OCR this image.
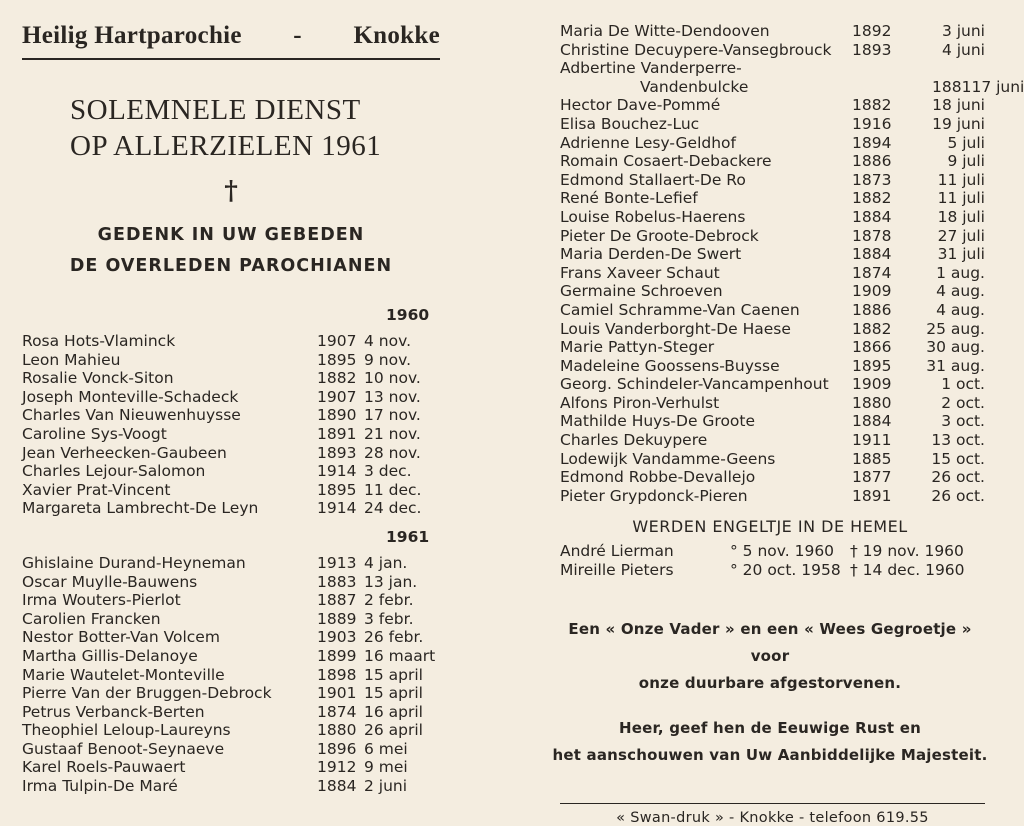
Heilig Hartparochie - Knokke
SOLEMNELE DIENST
OP ALLERZIELEN 1961
†
GEDENK IN UW GEBEDEN
DE OVERLEDEN PAROCHIANEN
1960
Rosa Hots-Vlaminck	1907 4 nov.
Leon Mahieu	1895 9 nov.
Rosalie Vonck-Siton	1882 10 nov.
Joseph Monteville-Schadeck	1907 13 nov.
Charles Van Nieuwenhuysse	1890 17 nov.
Caroline Sys-Voogt	1891 21 nov.
Jean Verheecken-Gaubeen	1893 28 nov.
Charles Lejour-Salomon	1914 3 dec.
Xavier Prat-Vincent	1895 11 dec.
Margareta Lambrecht-De Leyn	1914 24 dec.
1961
Ghislaine Durand-Heyneman	1913 4 jan.
Oscar Muylle-Bauwens	1883 13 jan.
Irma Wouters-Pierlot	1887 2 febr.
Carolien Francken	1889 3 febr.
Nestor Botter-Van Volcem	1903 26 febr.
Martha Gillis-Delanoye	1899 16 maart
Marie Wautelet-Monteville	1898 15 april
Pierre Van der Bruggen-Debrock	1901 15 april
Petrus Verbanck-Berten	1874 16 april
Theophiel Leloup-Laureyns	1880 26 april
Gustaaf Benoot-Seynaeve	1896 6 mei
Karel Roels-Pauwaert	1912 9 mei
Irma Tulpin-De Maré	1884 2 juni
Maria De Witte-Dendooven	1892	3 juni
Christine Decuypere-Vansegbrouck	1893	4 juni
Adbertine Vanderperre-
Vandenbulcke	1881 17 juni
Hector Dave-Pommé	1882	18 juni
Elisa Bouchez-Luc	1916	19 juni
Adrienne Lesy-Geldhof	1894	5 juli
Romain Cosaert-Debackere	1886	9 juli
Edmond Stallaert-De Ro	1873	11 juli
René Bonte-Lefief	1882	11 juli
Louise Robelus-Haerens	1884	18 juli
Pieter De Groote-Debrock	1878	27 juli
Maria Derden-De Swert	1884	31 juli
Frans Xaveer Schaut	1874	1 aug.
Germaine Schroeven	1909	4 aug.
Camiel Schramme-Van Caenen	1886	4 aug.
Louis Vanderborght-De Haese	1882	25 aug.
Marie Pattyn-Steger	1866	30 aug.
Madeleine Goossens-Buysse	1895	31 aug.
Georg. Schindeler-Vancampenhout	1909	1 oct.
Alfons Piron-Verhulst	1880	2 oct.
Mathilde Huys-De Groote	1884	3 oct.
Charles Dekuypere	1911	13 oct.
Lodewijk Vandamme-Geens	1885	15 oct.
Edmond Robbe-Devallejo	1877	26 oct.
Pieter Grypdonck-Pieren	1891	26 oct.
WERDEN ENGELTJE IN DE HEMEL
André Lierman	° 5 nov. 1960	† 19 nov. 1960
Mireille Pieters	° 20 oct. 1958 † 14 dec. 1960
Een « Onze Vader » en een « Wees Gegroetje » voor
onze duurbare afgestorvenen.
Heer, geef hen de Eeuwige Rust en
het aanschouwen van Uw Aanbiddelijke Majesteit.
« Swan-druk » - Knokke - telefoon 619.55
